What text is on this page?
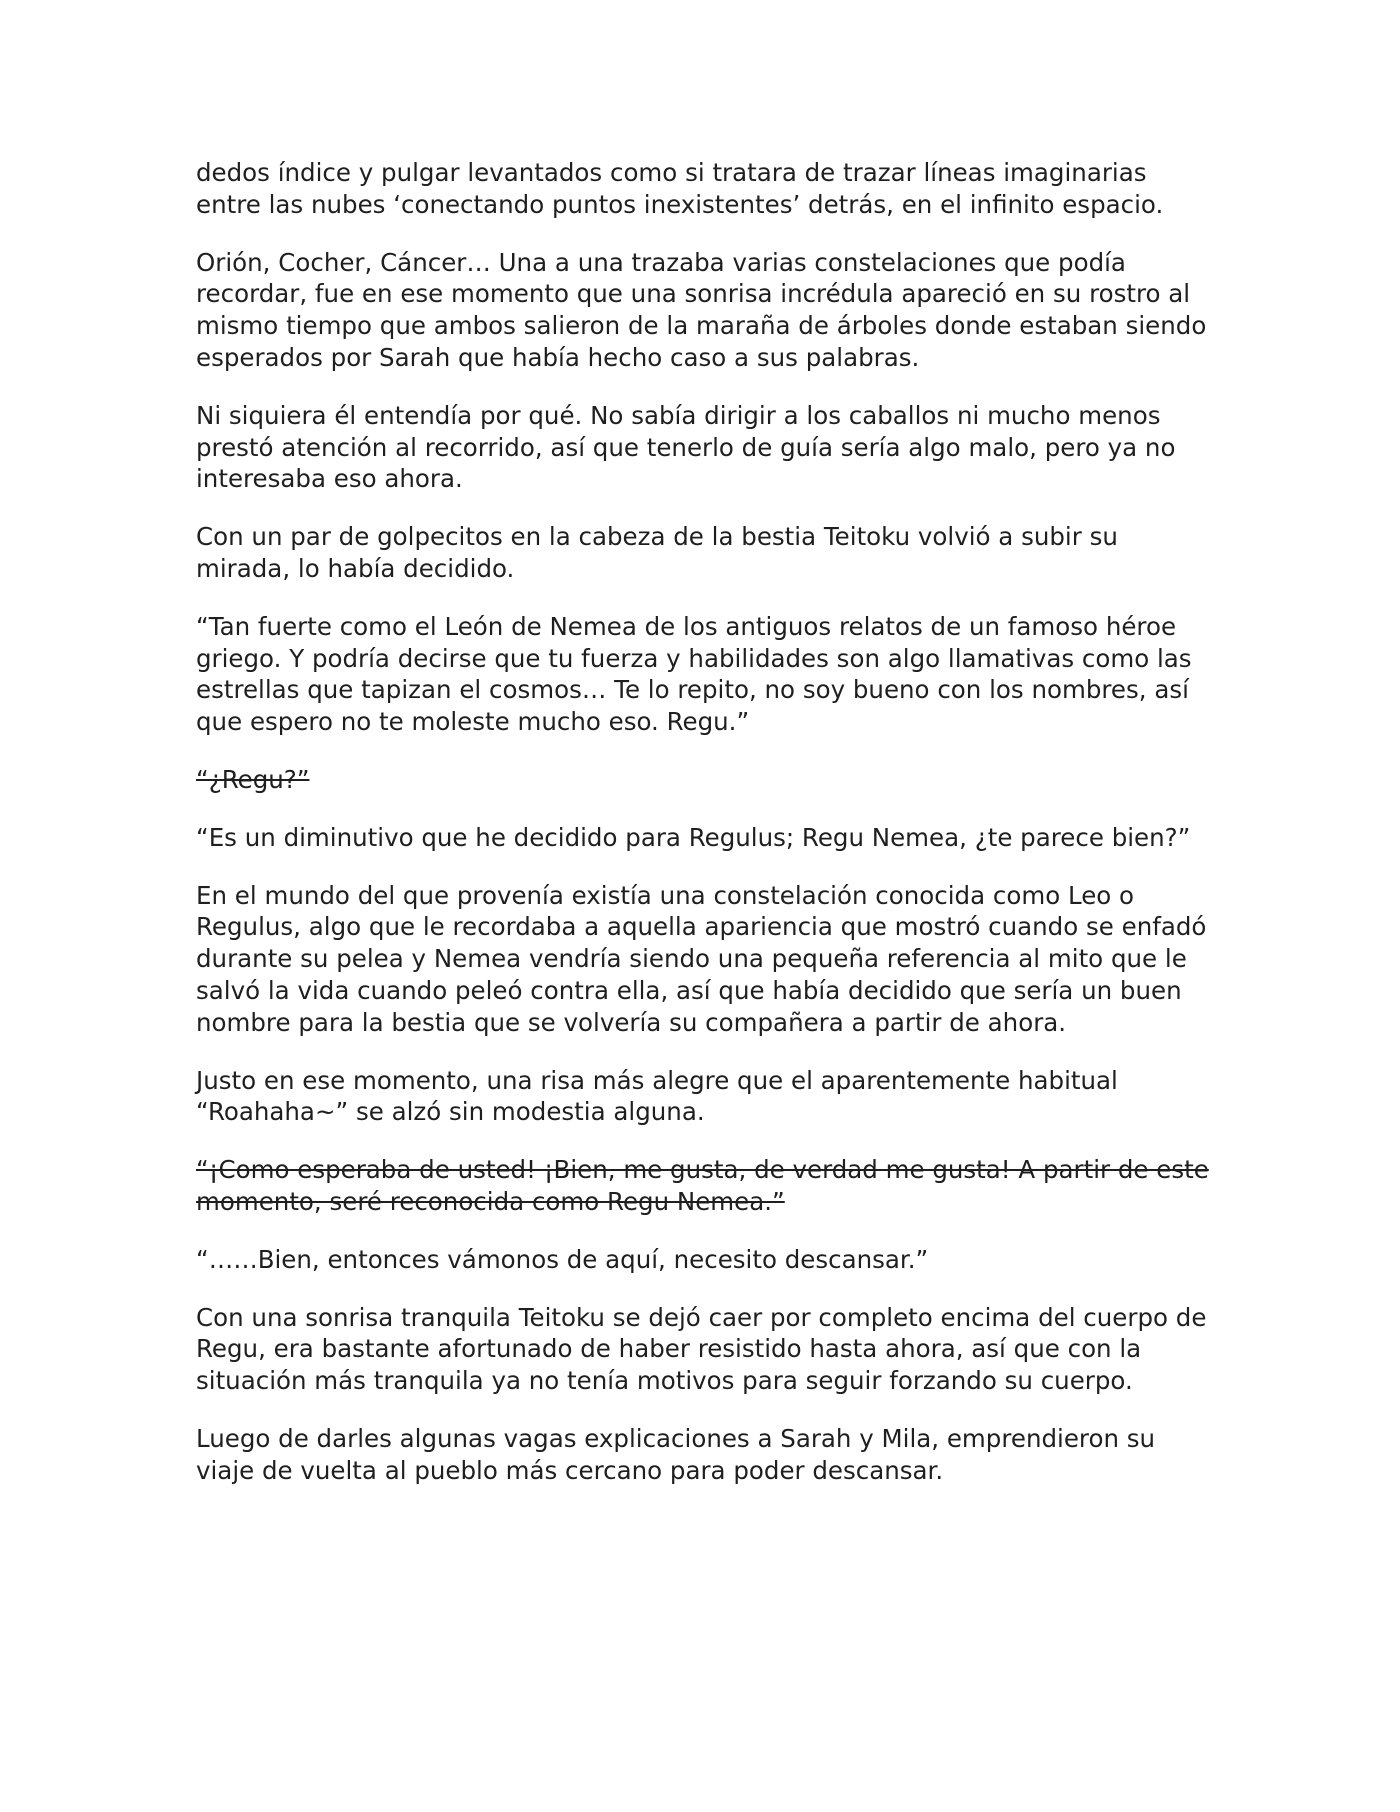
dedos índice y pulgar levantados como si tratara de trazar líneas imaginarias entre las nubes ‘conectando puntos inexistentes’ detrás, en el infinito espacio.

Orión, Cocher, Cáncer… Una a una trazaba varias constelaciones que podía recordar, fue en ese momento que una sonrisa incrédula apareció en su rostro al mismo tiempo que ambos salieron de la maraña de árboles donde estaban siendo esperados por Sarah que había hecho caso a sus palabras.

Ni siquiera él entendía por qué. No sabía dirigir a los caballos ni mucho menos prestó atención al recorrido, así que tenerlo de guía sería algo malo, pero ya no interesaba eso ahora.

Con un par de golpecitos en la cabeza de la bestia Teitoku volvió a subir su mirada, lo había decidido.

“Tan fuerte como el León de Nemea de los antiguos relatos de un famoso héroe griego. Y podría decirse que tu fuerza y habilidades son algo llamativas como las estrellas que tapizan el cosmos… Te lo repito, no soy bueno con los nombres, así que espero no te moleste mucho eso. Regu.”

“¿Regu?”

“Es un diminutivo que he decidido para Regulus; Regu Nemea, ¿te parece bien?”

En el mundo del que provenía existía una constelación conocida como Leo o Regulus, algo que le recordaba a aquella apariencia que mostró cuando se enfadó durante su pelea y Nemea vendría siendo una pequeña referencia al mito que le salvó la vida cuando peleó contra ella, así que había decidido que sería un buen nombre para la bestia que se volvería su compañera a partir de ahora.

Justo en ese momento, una risa más alegre que el aparentemente habitual “Roahaha~” se alzó sin modestia alguna.

“¡Como esperaba de usted! ¡Bien, me gusta, de verdad me gusta! A partir de este momento, seré reconocida como Regu Nemea.”

“……Bien, entonces vámonos de aquí, necesito descansar.”

Con una sonrisa tranquila Teitoku se dejó caer por completo encima del cuerpo de Regu, era bastante afortunado de haber resistido hasta ahora, así que con la situación más tranquila ya no tenía motivos para seguir forzando su cuerpo.

Luego de darles algunas vagas explicaciones a Sarah y Mila, emprendieron su viaje de vuelta al pueblo más cercano para poder descansar.
